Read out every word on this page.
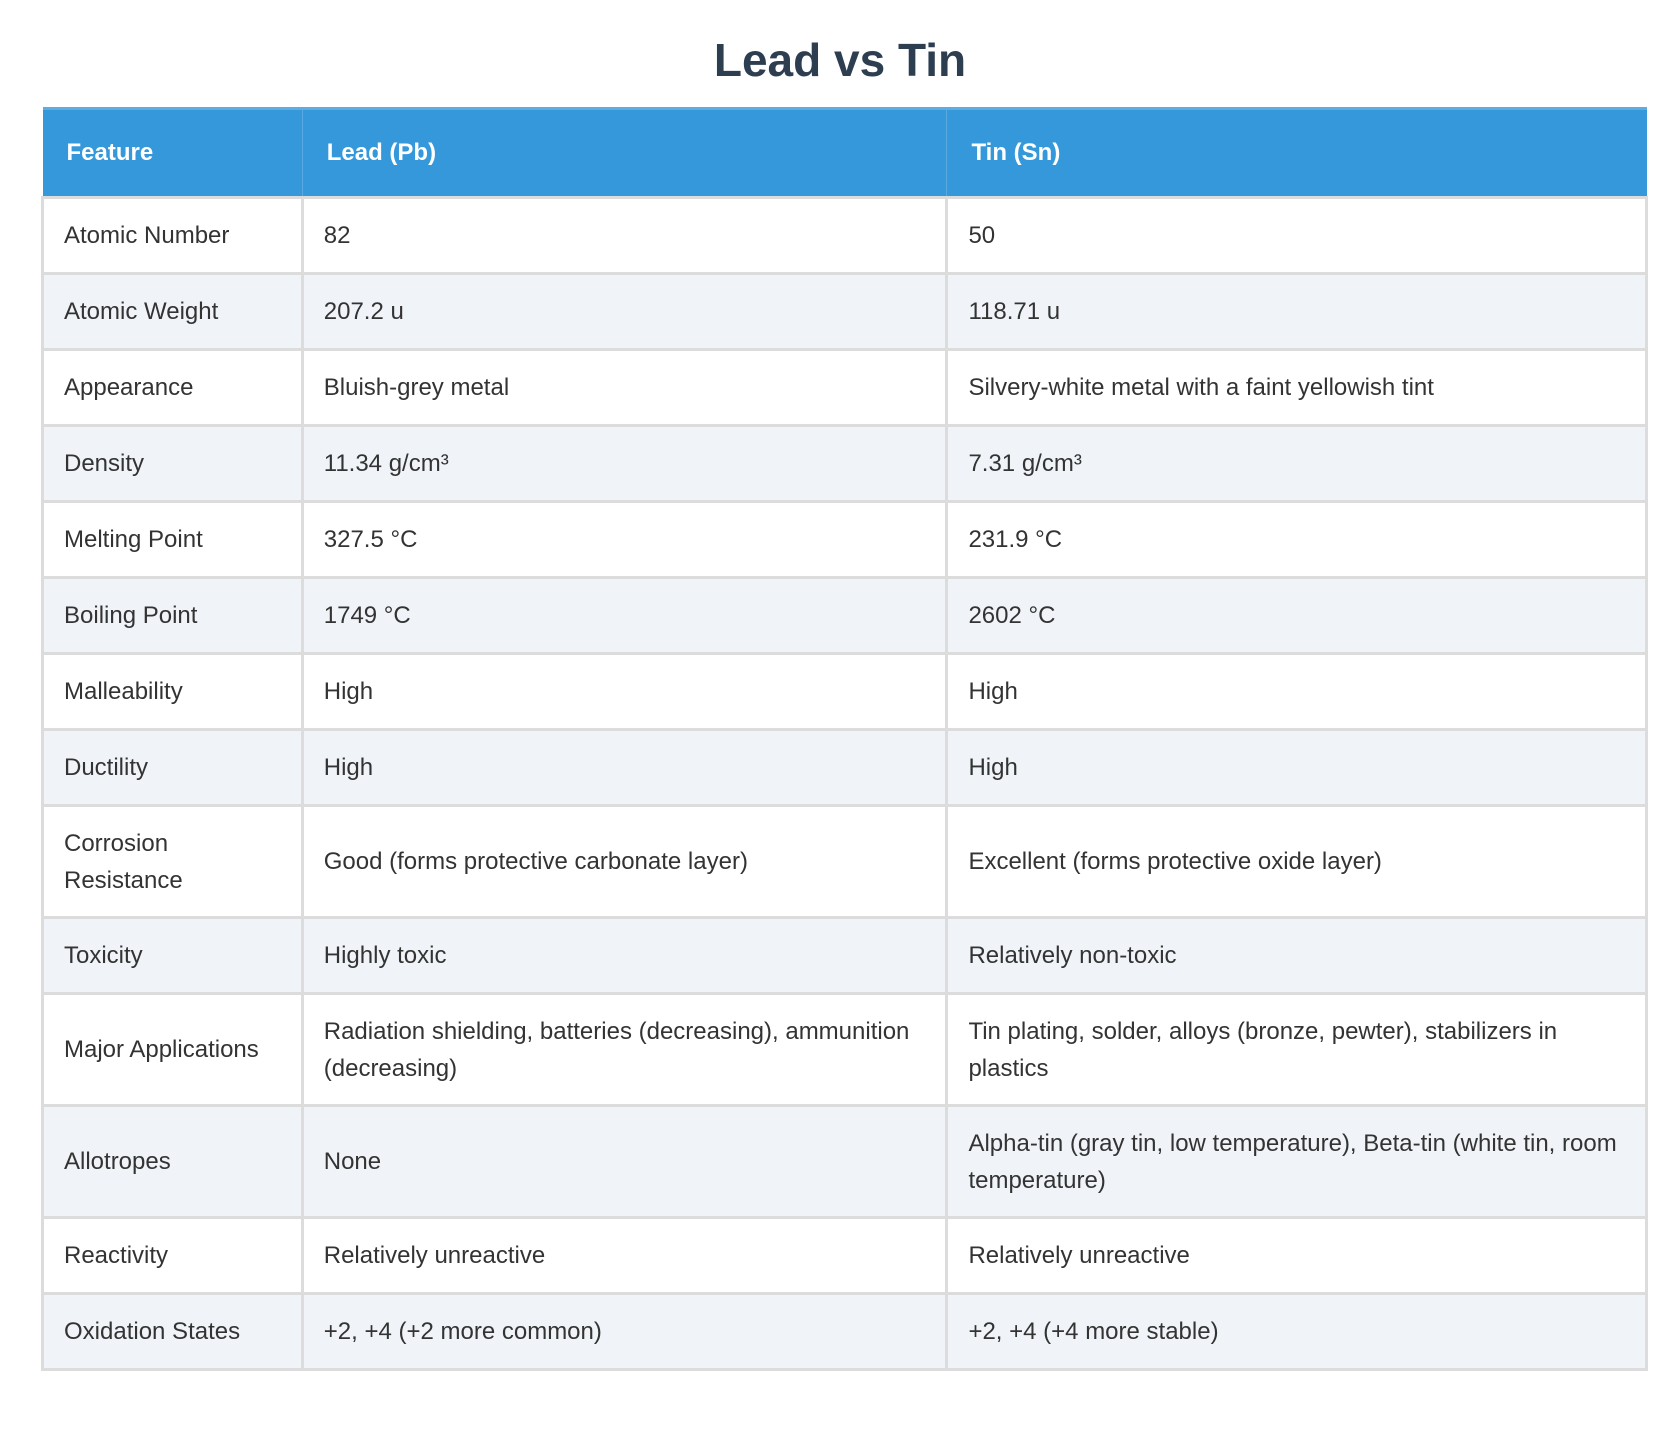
Lead vs Tin
Feature	Lead (Pb)	Tin (Sn)
Atomic Number	82	50
Atomic Weight	207.2 u	118.71 u
Appearance	Bluish-grey metal	Silvery-white metal with a faint yellowish tint
Density	11.34 g/cm³	7.31 g/cm³
Melting Point	327.5 °C	231.9 °C
Boiling Point	1749 °C	2602 °C
Malleability	High	High
Ductility	High	High
Corrosion Resistance	Good (forms protective carbonate layer)	Excellent (forms protective oxide layer)
Toxicity	Highly toxic	Relatively non-toxic
Major Applications	Radiation shielding, batteries (decreasing), ammunition (decreasing)	Tin plating, solder, alloys (bronze, pewter), stabilizers in plastics
Allotropes	None	Alpha-tin (gray tin, low temperature), Beta-tin (white tin, room temperature)
Reactivity	Relatively unreactive	Relatively unreactive
Oxidation States	+2, +4 (+2 more common)	+2, +4 (+4 more stable)
